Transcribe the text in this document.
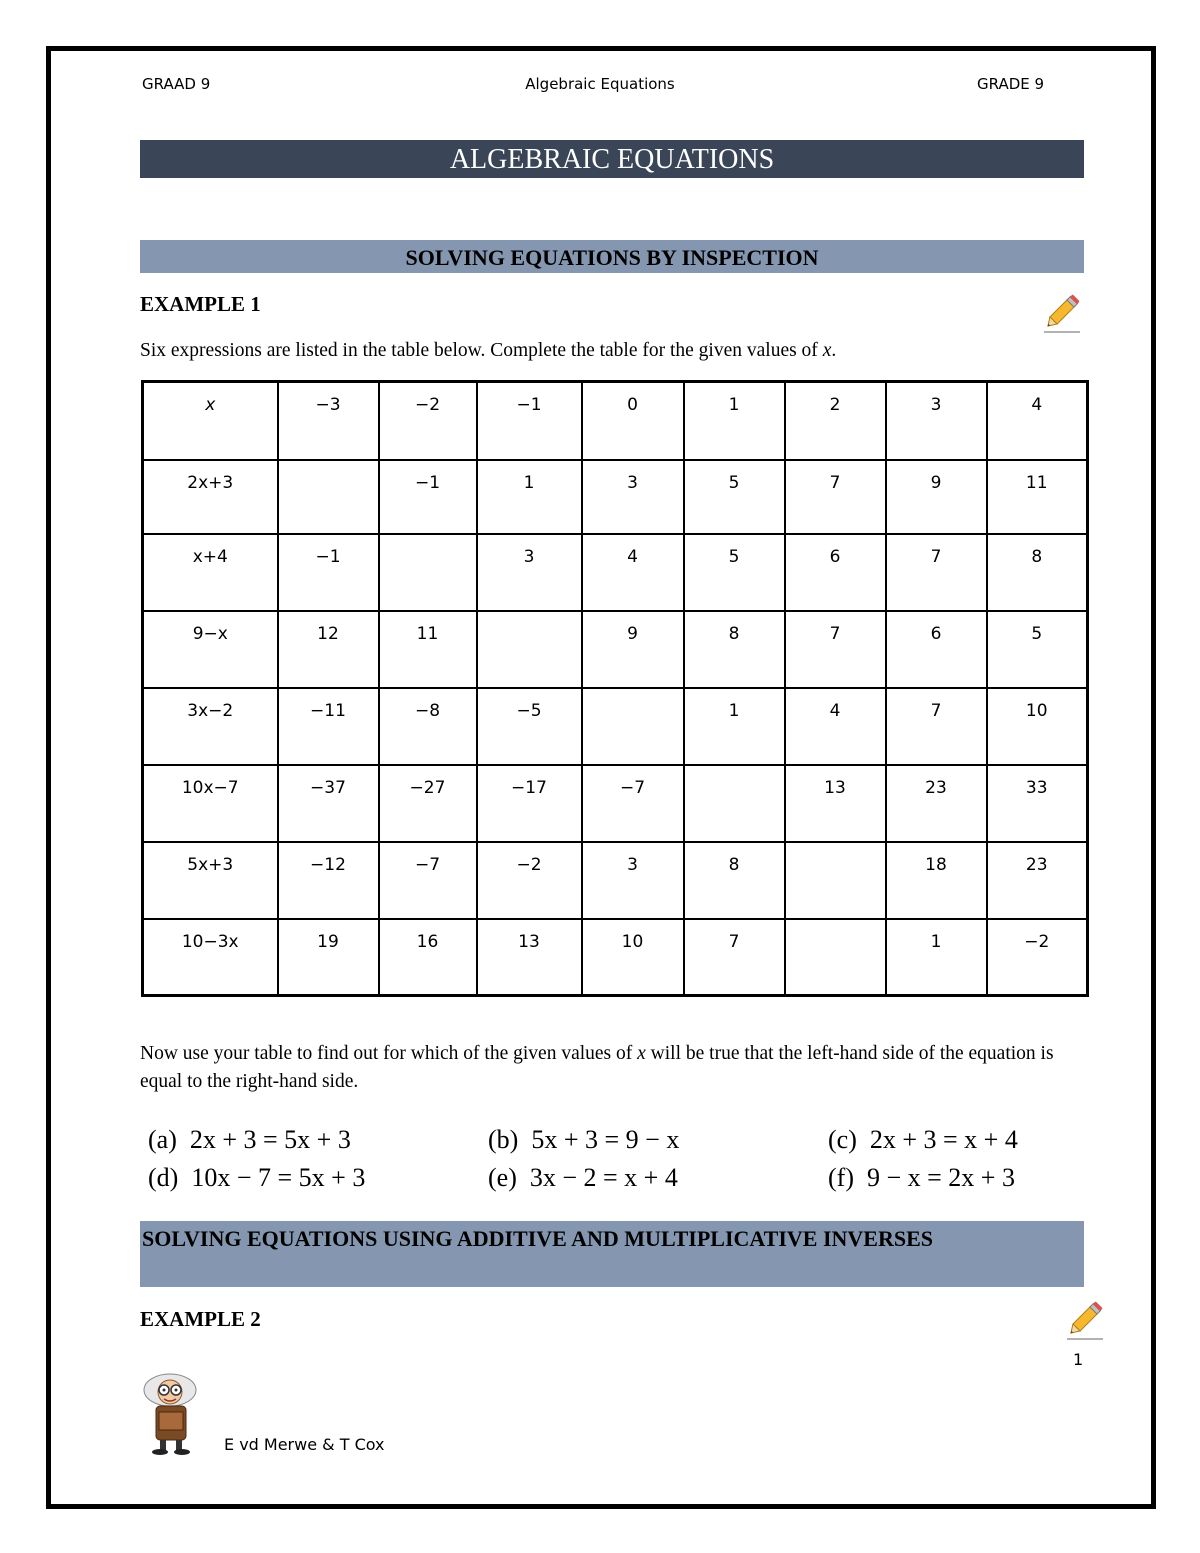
GRAAD 9	Algebraic Equations	GRADE 9
ALGEBRAIC EQUATIONS
SOLVING EQUATIONS BY INSPECTION
EXAMPLE 1
Six expressions are listed in the table below. Complete the table for the given values of x.
x	−3	−2	−1	0	1	2	3	4
2x+3		−1	1	3	5	7	9	11
x+4	−1		3	4	5	6	7	8
9−x	12	11		9	8	7	6	5
3x−2	−11	−8	−5		1	4	7	10
10x−7	−37	−27	−17	−7		13	23	33
5x+3	−12	−7	−2	3	8		18	23
10−3x	19	16	13	10	7		1	−2
Now use your table to find out for which of the given values of x will be true that the left-hand side of the equation is equal to the right-hand side.
(a) 2x + 3 = 5x + 3	(b) 5x + 3 = 9 − x	(c) 2x + 3 = x + 4
(d) 10x − 7 = 5x + 3	(e) 3x − 2 = x + 4	(f) 9 − x = 2x + 3
SOLVING EQUATIONS USING ADDITIVE AND MULTIPLICATIVE INVERSES
EXAMPLE 2
1
E vd Merwe & T Cox
